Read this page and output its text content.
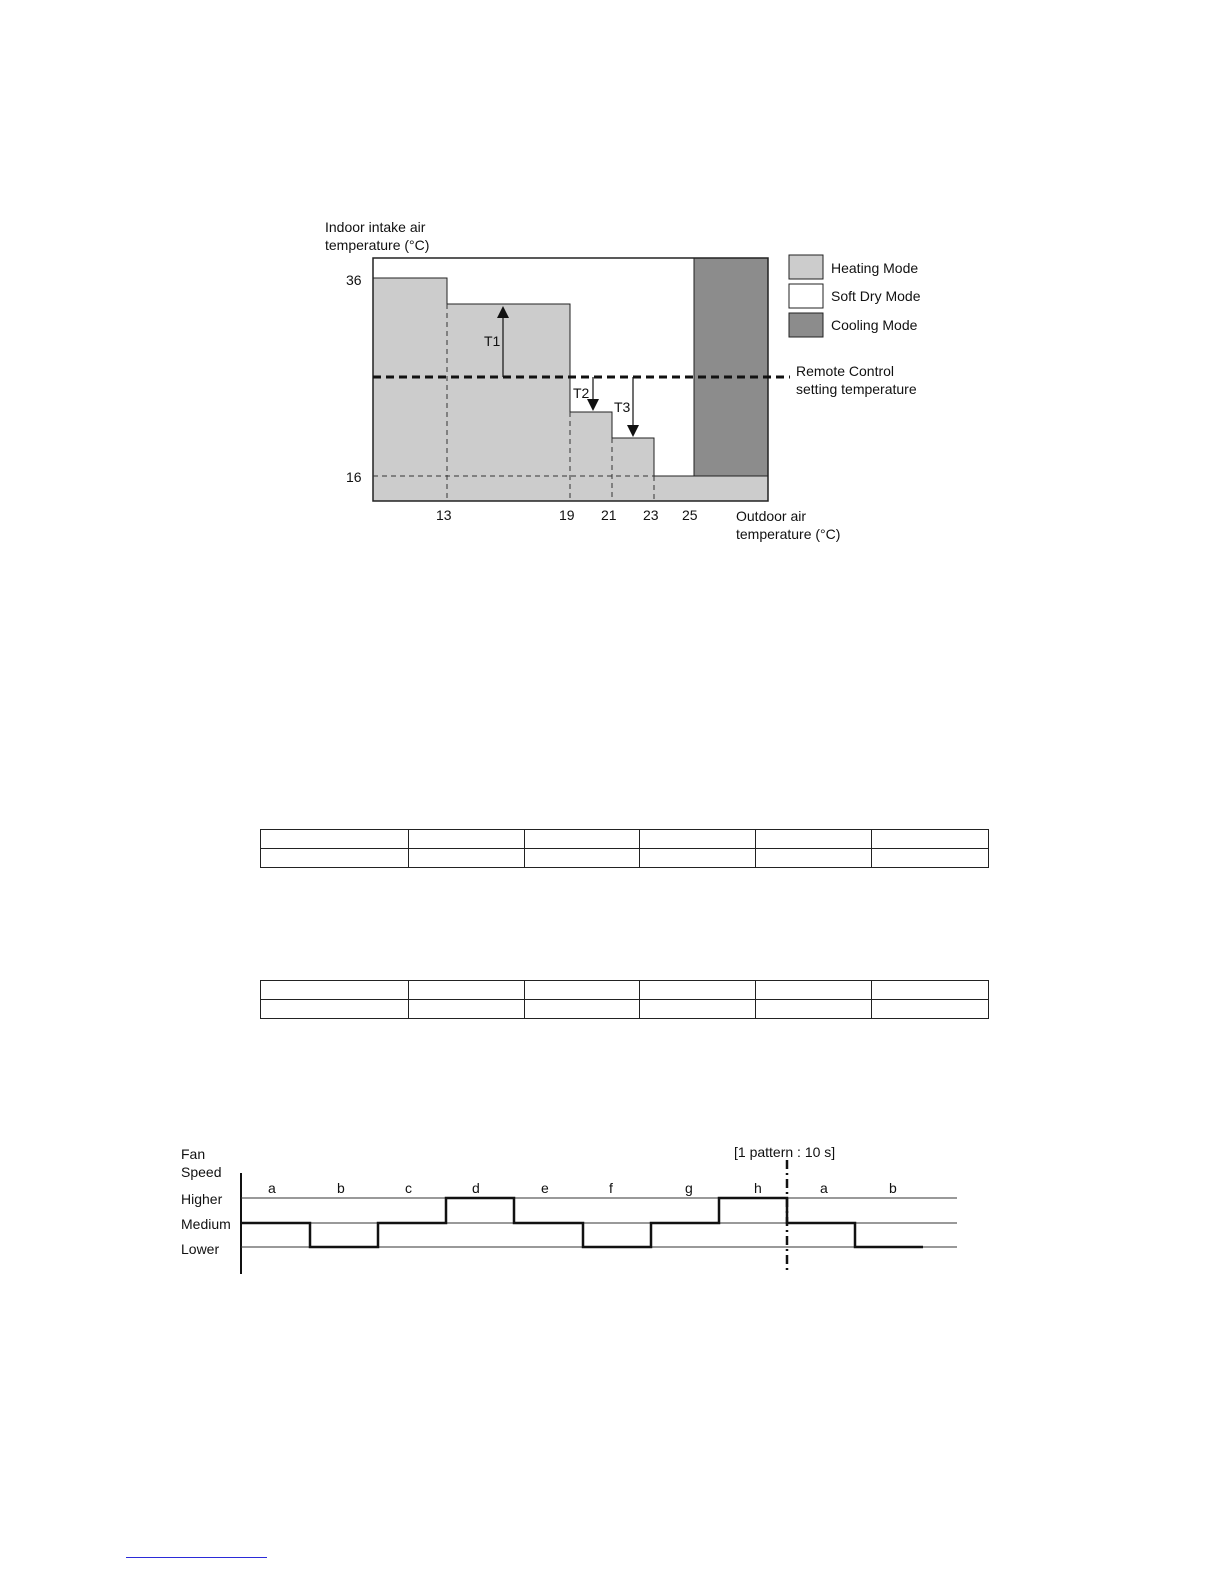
Indoor intake air
temperature (°C)
36
16
13	19 21 23 25	Outdoor air
temperature (°C)
T1
T2
T3
Remote Control
setting temperature
Heating Mode
Soft Dry Mode
Cooling Mode

Fan
Speed
Higher
Medium
Lower
[1 pattern : 10 s]
a	b	c	d	e	f	g	h	a	b
